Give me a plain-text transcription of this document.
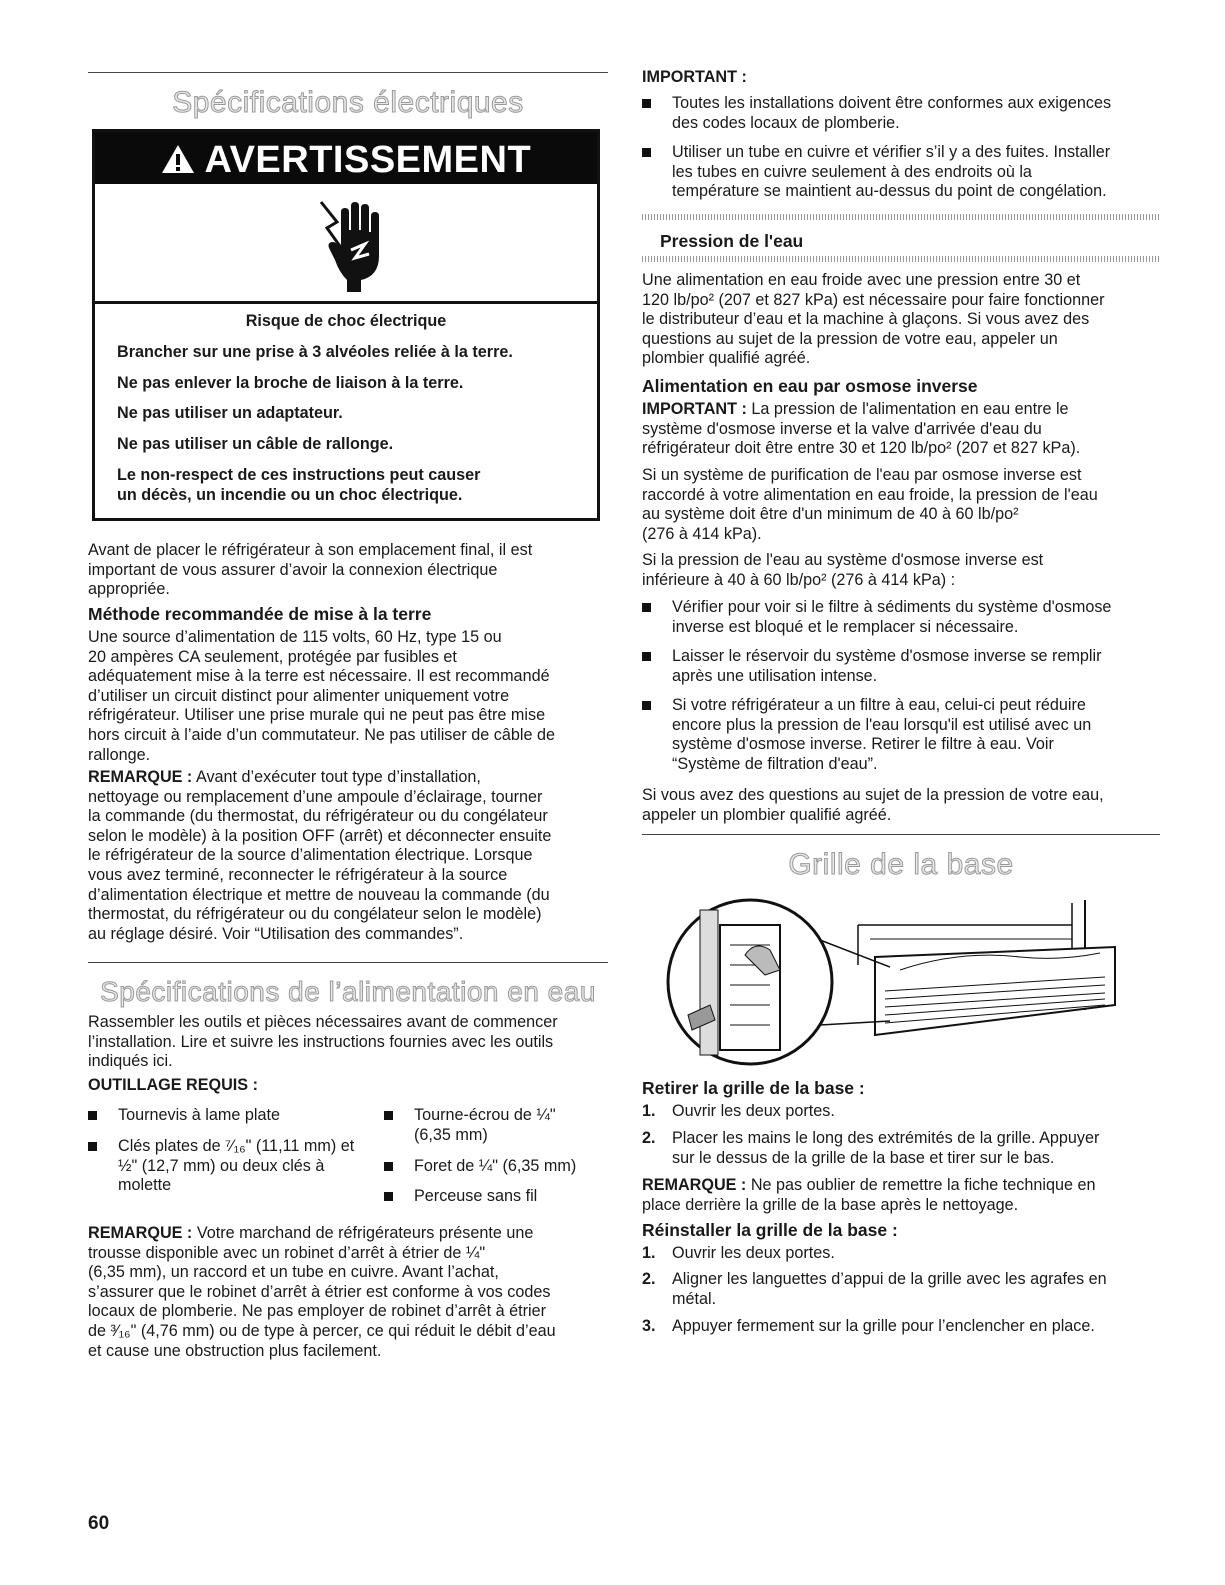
Spécifications électriques
AVERTISSEMENT
Risque de choc électrique
Brancher sur une prise à 3 alvéoles reliée à la terre.
Ne pas enlever la broche de liaison à la terre.
Ne pas utiliser un adaptateur.
Ne pas utiliser un câble de rallonge.
Le non-respect de ces instructions peut causer
un décès, un incendie ou un choc électrique.
Avant de placer le réfrigérateur à son emplacement final, il est
important de vous assurer d’avoir la connexion électrique
appropriée.
Méthode recommandée de mise à la terre
Une source d’alimentation de 115 volts, 60 Hz, type 15 ou
20 ampères CA seulement, protégée par fusibles et
adéquatement mise à la terre est nécessaire. Il est recommandé
d’utiliser un circuit distinct pour alimenter uniquement votre
réfrigérateur. Utiliser une prise murale qui ne peut pas être mise
hors circuit à l’aide d’un commutateur. Ne pas utiliser de câble de
rallonge.
REMARQUE : Avant d’exécuter tout type d’installation,
nettoyage ou remplacement d’une ampoule d’éclairage, tourner
la commande (du thermostat, du réfrigérateur ou du congélateur
selon le modèle) à la position OFF (arrêt) et déconnecter ensuite
le réfrigérateur de la source d’alimentation électrique. Lorsque
vous avez terminé, reconnecter le réfrigérateur à la source
d’alimentation électrique et mettre de nouveau la commande (du
thermostat, du réfrigérateur ou du congélateur selon le modèle)
au réglage désiré. Voir “Utilisation des commandes”.
Spécifications de l’alimentation en eau
Rassembler les outils et pièces nécessaires avant de commencer
l’installation. Lire et suivre les instructions fournies avec les outils
indiqués ici.
OUTILLAGE REQUIS :
Tournevis à lame plate
Clés plates de ⁷⁄₁₆" (11,11 mm) et
½" (12,7 mm) ou deux clés à
molette
Tourne-écrou de ¼"
(6,35 mm)
Foret de ¼" (6,35 mm)
Perceuse sans fil
REMARQUE : Votre marchand de réfrigérateurs présente une
trousse disponible avec un robinet d’arrêt à étrier de ¼"
(6,35 mm), un raccord et un tube en cuivre. Avant l’achat,
s’assurer que le robinet d’arrêt à étrier est conforme à vos codes
locaux de plomberie. Ne pas employer de robinet d’arrêt à étrier
de ³⁄₁₆" (4,76 mm) ou de type à percer, ce qui réduit le débit d’eau
et cause une obstruction plus facilement.
60
IMPORTANT :
Toutes les installations doivent être conformes aux exigences
des codes locaux de plomberie.
Utiliser un tube en cuivre et vérifier s’il y a des fuites. Installer
les tubes en cuivre seulement à des endroits où la
température se maintient au-dessus du point de congélation.
Pression de l'eau
Une alimentation en eau froide avec une pression entre 30 et
120 lb/po² (207 et 827 kPa) est nécessaire pour faire fonctionner
le distributeur d’eau et la machine à glaçons. Si vous avez des
questions au sujet de la pression de votre eau, appeler un
plombier qualifié agréé.
Alimentation en eau par osmose inverse
IMPORTANT : La pression de l'alimentation en eau entre le
système d'osmose inverse et la valve d'arrivée d'eau du
réfrigérateur doit être entre 30 et 120 lb/po² (207 et 827 kPa).
Si un système de purification de l'eau par osmose inverse est
raccordé à votre alimentation en eau froide, la pression de l'eau
au système doit être d'un minimum de 40 à 60 lb/po²
(276 à 414 kPa).
Si la pression de l'eau au système d'osmose inverse est
inférieure à 40 à 60 lb/po² (276 à 414 kPa) :
Vérifier pour voir si le filtre à sédiments du système d'osmose
inverse est bloqué et le remplacer si nécessaire.
Laisser le réservoir du système d'osmose inverse se remplir
après une utilisation intense.
Si votre réfrigérateur a un filtre à eau, celui-ci peut réduire
encore plus la pression de l'eau lorsqu'il est utilisé avec un
système d'osmose inverse. Retirer le filtre à eau. Voir
“Système de filtration d'eau”.
Si vous avez des questions au sujet de la pression de votre eau,
appeler un plombier qualifié agréé.
Grille de la base
Retirer la grille de la base :
1. Ouvrir les deux portes.
2. Placer les mains le long des extrémités de la grille. Appuyer
sur le dessus de la grille de la base et tirer sur le bas.
REMARQUE : Ne pas oublier de remettre la fiche technique en
place derrière la grille de la base après le nettoyage.
Réinstaller la grille de la base :
1. Ouvrir les deux portes.
2. Aligner les languettes d’appui de la grille avec les agrafes en
métal.
3. Appuyer fermement sur la grille pour l’enclencher en place.
